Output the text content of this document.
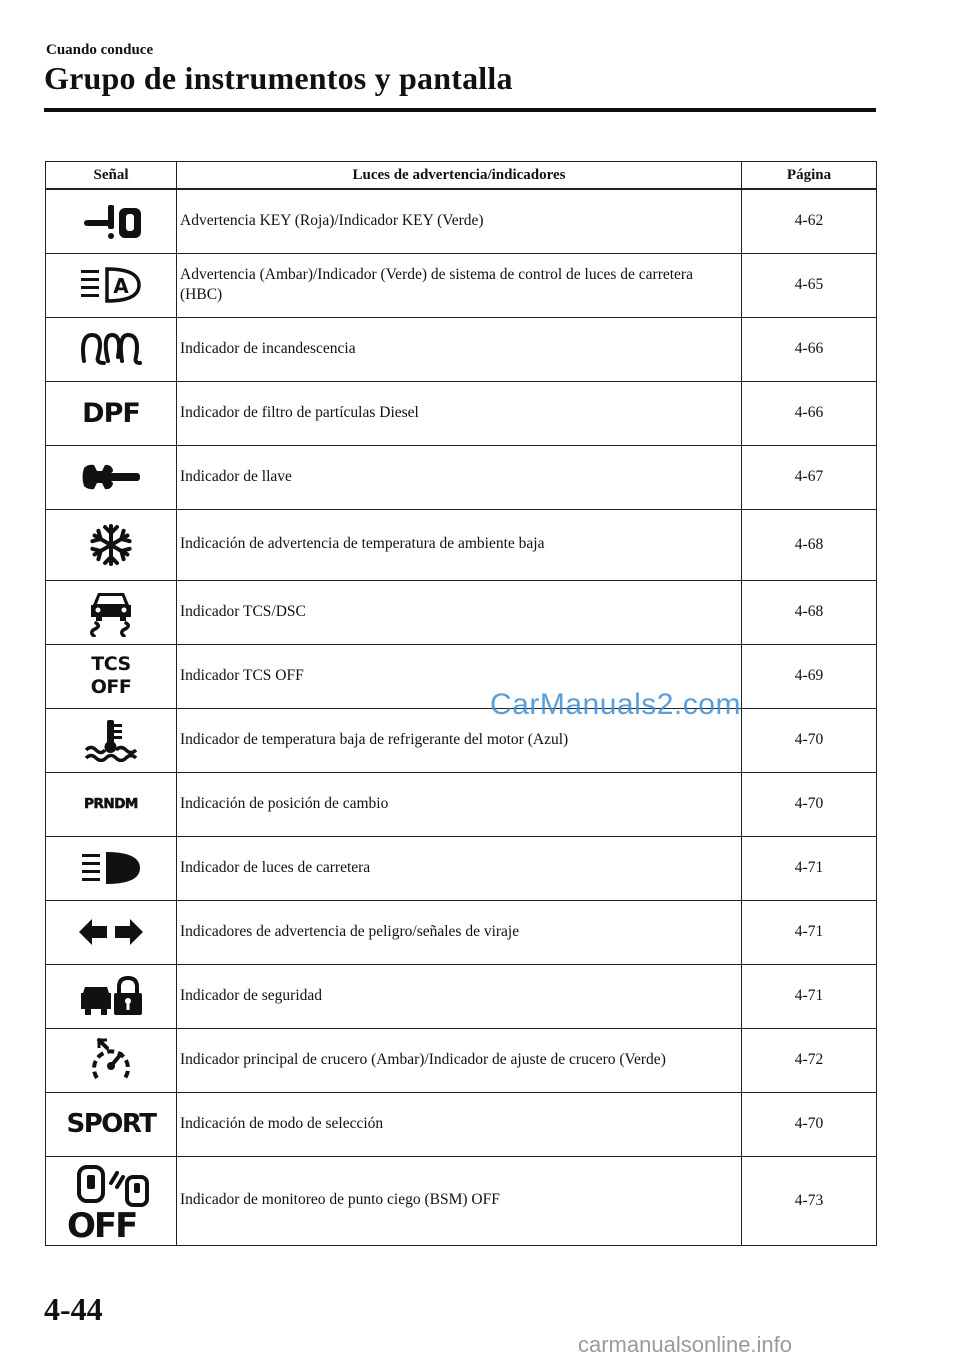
Cuando conduce
Grupo de instrumentos y pantalla
Señal	Luces de advertencia/indicadores	Página

	Advertencia KEY (Roja)/Indicador KEY (Verde)	4-62

A	Advertencia (Ambar)/Indicador (Verde) de sistema de control de luces de carretera (HBC)	4-65

	Indicador de incandescencia	4-66
DPF	Indicador de filtro de partículas Diesel	4-66

	Indicador de llave	4-67

	Indicación de advertencia de temperatura de ambiente baja	4-68

	Indicador TCS/DSC	4-68

TCS
OFF	Indicador TCS OFF	4-69

	Indicador de temperatura baja de refrigerante del motor (Azul)	4-70
PRNDM	Indicación de posición de cambio	4-70

	Indicador de luces de carretera	4-71

	Indicadores de advertencia de peligro/señales de viraje	4-71

	Indicador de seguridad	4-71

	Indicador principal de crucero (Ambar)/Indicador de ajuste de crucero (Verde)	4-72
SPORT	Indicación de modo de selección	4-70

OFF	Indicador de monitoreo de punto ciego (BSM) OFF	4-73
CarManuals2.com
4-44
carmanualsonline.info
